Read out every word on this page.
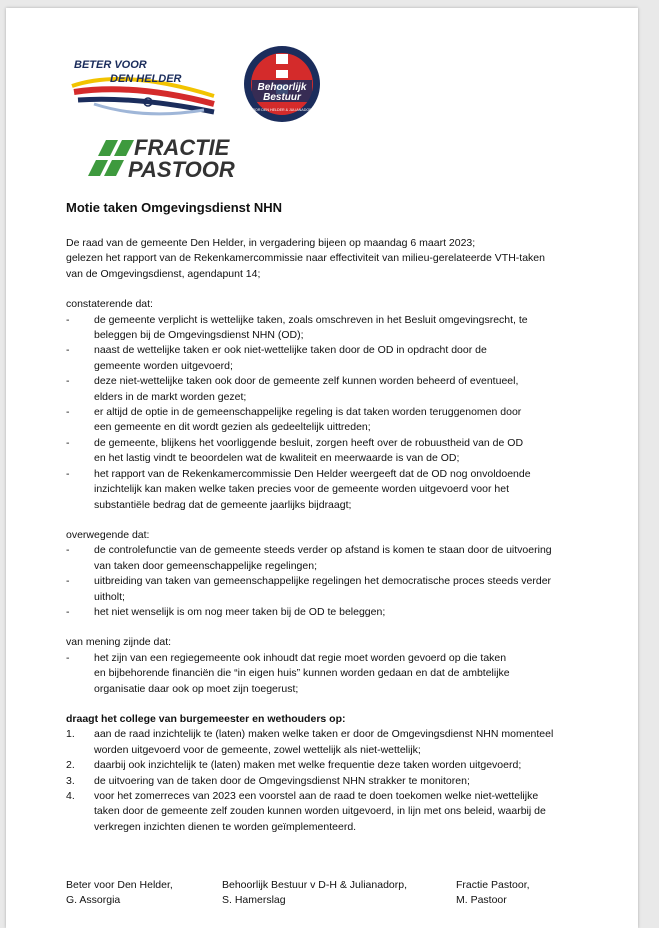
BETER VOOR
DEN HELDER
Behoorlijk
Bestuur
VOOR DEN HELDER & JULIANADORP
FRACTIE
PASTOOR
Motie taken Omgevingsdienst NHN

De raad van de gemeente Den Helder, in vergadering bijeen op maandag 6 maart 2023;

gelezen het rapport van de Rekenkamercommissie naar effectiviteit van milieu-gerelateerde VTH-taken

van de Omgevingsdienst, agendapunt 14;

constaterende dat:

- de gemeente verplicht is wettelijke taken, zoals omschreven in het Besluit omgevingsrecht, te

beleggen bij de Omgevingsdienst NHN (OD);

- naast de wettelijke taken er ook niet-wettelijke taken door de OD in opdracht door de

gemeente worden uitgevoerd;

- deze niet-wettelijke taken ook door de gemeente zelf kunnen worden beheerd of eventueel,

elders in de markt worden gezet;

- er altijd de optie in de gemeenschappelijke regeling is dat taken worden teruggenomen door

een gemeente en dit wordt gezien als gedeeltelijk uittreden;

- de gemeente, blijkens het voorliggende besluit, zorgen heeft over de robuustheid van de OD

en het lastig vindt te beoordelen wat de kwaliteit en meerwaarde is van de OD;

- het rapport van de Rekenkamercommissie Den Helder weergeeft dat de OD nog onvoldoende

inzichtelijk kan maken welke taken precies voor de gemeente worden uitgevoerd voor het

substantiële bedrag dat de gemeente jaarlijks bijdraagt;

overwegende dat:

- de controlefunctie van de gemeente steeds verder op afstand is komen te staan door de uitvoering

van taken door gemeenschappelijke regelingen;

- uitbreiding van taken van gemeenschappelijke regelingen het democratische proces steeds verder

uitholt;

- het niet wenselijk is om nog meer taken bij de OD te beleggen;

van mening zijnde dat:

- het zijn van een regiegemeente ook inhoudt dat regie moet worden gevoerd op die taken

en bijbehorende financiën die “in eigen huis” kunnen worden gedaan en dat de ambtelijke

organisatie daar ook op moet zijn toegerust;

draagt het college van burgemeester en wethouders op:

1. aan de raad inzichtelijk te (laten) maken welke taken er door de Omgevingsdienst NHN momenteel

worden uitgevoerd voor de gemeente, zowel wettelijk als niet-wettelijk;

2. daarbij ook inzichtelijk te (laten) maken met welke frequentie deze taken worden uitgevoerd;

3. de uitvoering van de taken door de Omgevingsdienst NHN strakker te monitoren;

4. voor het zomerreces van 2023 een voorstel aan de raad te doen toekomen welke niet-wettelijke

taken door de gemeente zelf zouden kunnen worden uitgevoerd, in lijn met ons beleid, waarbij de

verkregen inzichten dienen te worden geïmplementeerd.

Beter voor Den Helder,

G. Assorgia

Behoorlijk Bestuur v D-H & Julianadorp,

S. Hamerslag

Fractie Pastoor,

M. Pastoor
